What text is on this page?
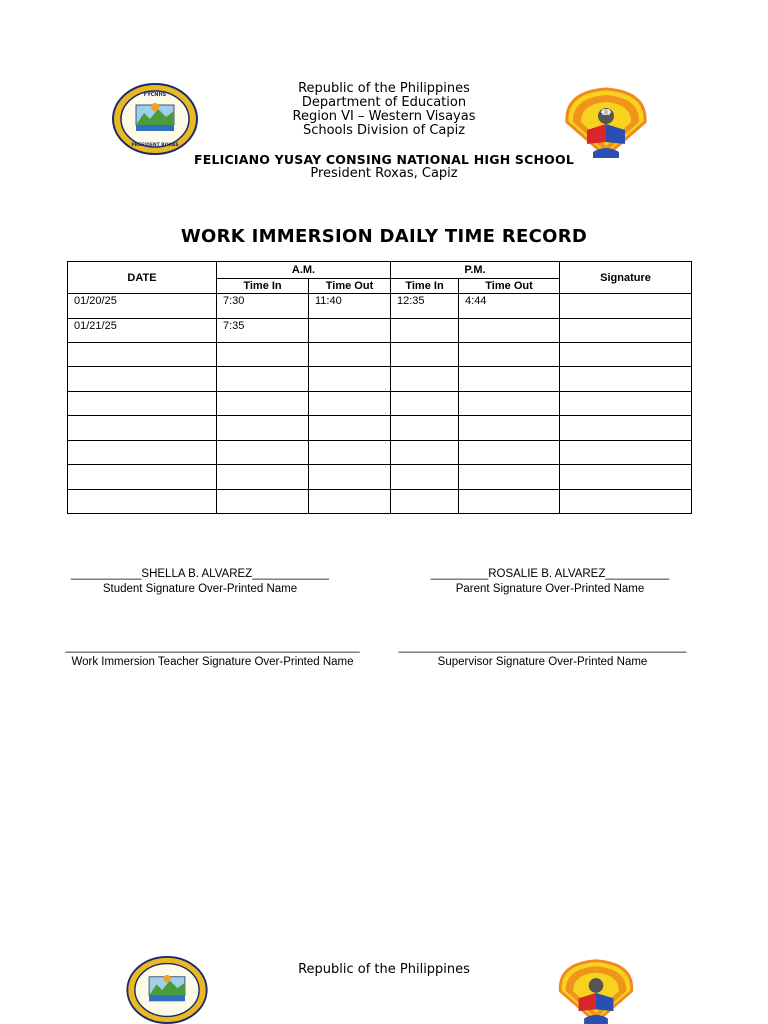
FYCNHS
PRESIDENT ROXAS
Republic of the Philippines
Department of Education
Region VI – Western Visayas
Schools Division of Capiz
FELICIANO YUSAY CONSING NATIONAL HIGH SCHOOL
President Roxas, Capiz
WORK IMMERSION DAILY TIME RECORD
DATE	A.M.		P.M.		Signature
	Time In	Time Out	Time In	Time Out	
01/20/25	7:30	11:40	12:35	4:44	
01/21/25	7:35				

___________SHELLA B. ALVAREZ____________
Student Signature Over-Printed Name
_________ROSALIE B. ALVAREZ__________
Parent Signature Over-Printed Name
______________________________________________
Work Immersion Teacher Signature Over-Printed Name
_____________________________________________
Supervisor Signature Over-Printed Name
Republic of the Philippines
